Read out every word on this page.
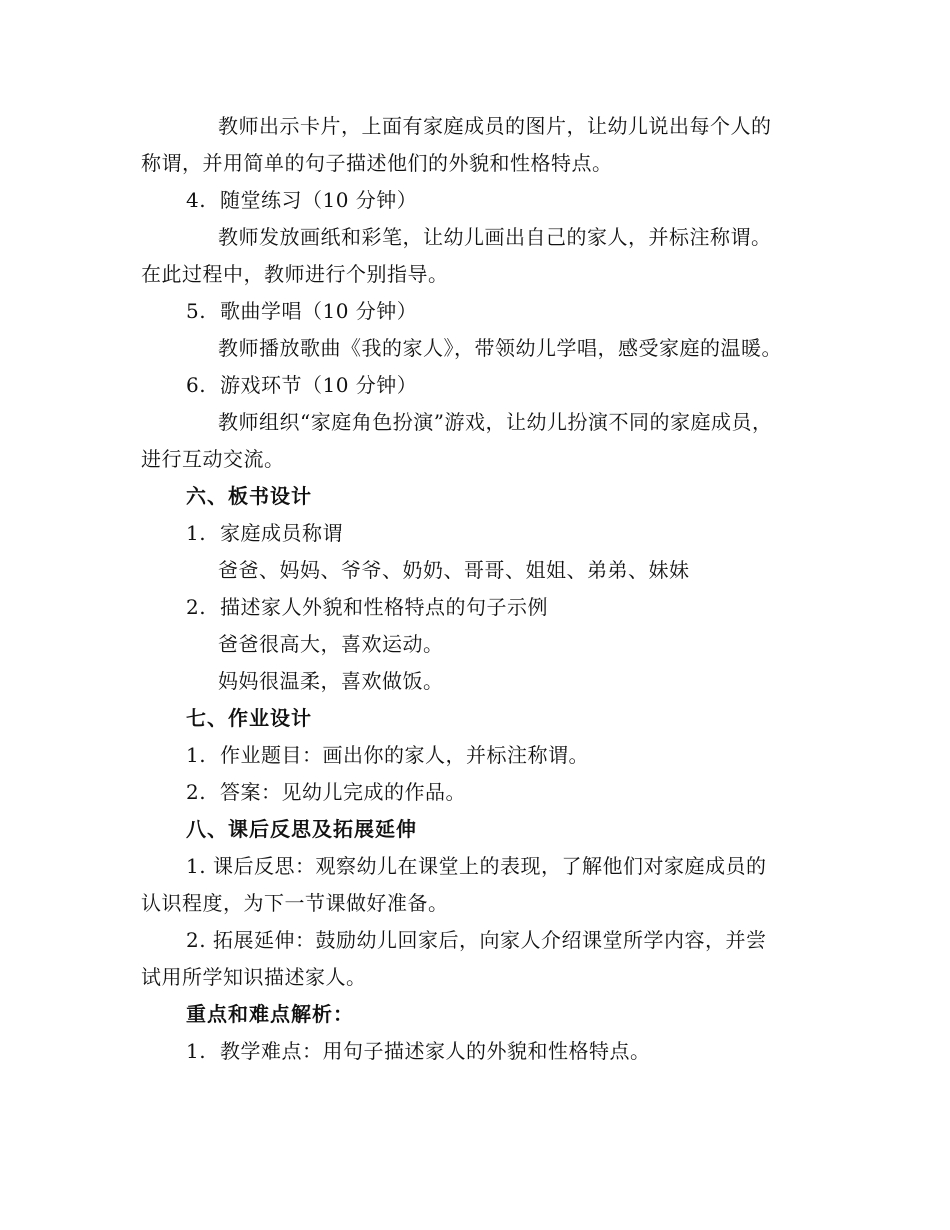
教师出示卡片，上面有家庭成员的图片，让幼儿说出每个人的
称谓，并用简单的句子描述他们的外貌和性格特点。
4. 随堂练习（10 分钟）
教师发放画纸和彩笔，让幼儿画出自己的家人，并标注称谓。
在此过程中，教师进行个别指导。
5. 歌曲学唱（10 分钟）
教师播放歌曲《我的家人》，带领幼儿学唱，感受家庭的温暖。
6. 游戏环节（10 分钟）
教师组织“家庭角色扮演”游戏，让幼儿扮演不同的家庭成员，
进行互动交流。
六、板书设计
1. 家庭成员称谓
爸爸、妈妈、爷爷、奶奶、哥哥、姐姐、弟弟、妹妹
2. 描述家人外貌和性格特点的句子示例
爸爸很高大，喜欢运动。
妈妈很温柔，喜欢做饭。
七、作业设计
1. 作业题目：画出你的家人，并标注称谓。
2. 答案：见幼儿完成的作品。
八、课后反思及拓展延伸
1. 课后反思：观察幼儿在课堂上的表现，了解他们对家庭成员的
认识程度，为下一节课做好准备。
2. 拓展延伸：鼓励幼儿回家后，向家人介绍课堂所学内容，并尝
试用所学知识描述家人。
重点和难点解析：
1. 教学难点：用句子描述家人的外貌和性格特点。
